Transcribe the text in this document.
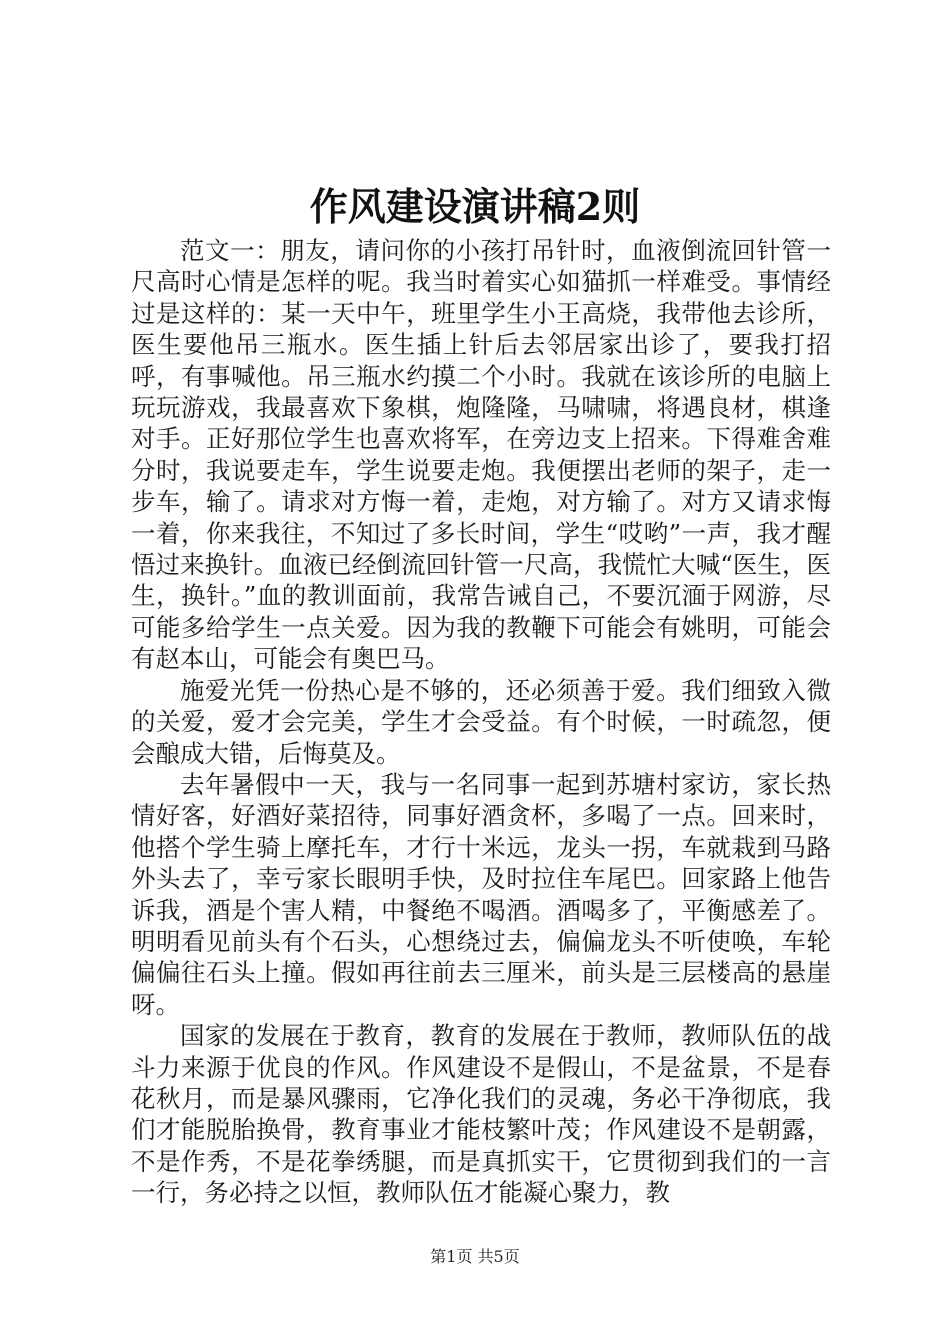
作风建设演讲稿2则

范文一：朋友，请问你的小孩打吊针时，血液倒流回针管一尺高时心情是怎样的呢。我当时着实心如猫抓一样难受。事情经过是这样的：某一天中午，班里学生小王高烧，我带他去诊所，医生要他吊三瓶水。医生插上针后去邻居家出诊了，要我打招呼，有事喊他。吊三瓶水约摸二个小时。我就在该诊所的电脑上玩玩游戏，我最喜欢下象棋，炮隆隆，马啸啸，将遇良材，棋逢对手。正好那位学生也喜欢将军，在旁边支上招来。下得难舍难分时，我说要走车，学生说要走炮。我便摆出老师的架子，走一步车，输了。请求对方悔一着，走炮，对方输了。对方又请求悔一着，你来我往，不知过了多长时间，学生“哎哟”一声，我才醒悟过来换针。血液已经倒流回针管一尺高，我慌忙大喊“医生，医生，换针。”血的教训面前，我常告诫自己，不要沉湎于网游，尽可能多给学生一点关爱。因为我的教鞭下可能会有姚明，可能会有赵本山，可能会有奥巴马。

施爱光凭一份热心是不够的，还必须善于爱。我们细致入微的关爱，爱才会完美，学生才会受益。有个时候，一时疏忽，便会酿成大错，后悔莫及。

去年暑假中一天，我与一名同事一起到苏塘村家访，家长热情好客，好酒好菜招待，同事好酒贪杯，多喝了一点。回来时，他搭个学生骑上摩托车，才行十米远，龙头一拐，车就栽到马路外头去了，幸亏家长眼明手快，及时拉住车尾巴。回家路上他告诉我，酒是个害人精，中餐绝不喝酒。酒喝多了，平衡感差了。明明看见前头有个石头，心想绕过去，偏偏龙头不听使唤，车轮偏偏往石头上撞。假如再往前去三厘米，前头是三层楼高的悬崖呀。

国家的发展在于教育，教育的发展在于教师，教师队伍的战斗力来源于优良的作风。作风建设不是假山，不是盆景，不是春花秋月，而是暴风骤雨，它净化我们的灵魂，务必干净彻底，我们才能脱胎换骨，教育事业才能枝繁叶茂；作风建设不是朝露，不是作秀，不是花拳绣腿，而是真抓实干，它贯彻到我们的一言一行，务必持之以恒，教师队伍才能凝心聚力，教

第1页 共5页
